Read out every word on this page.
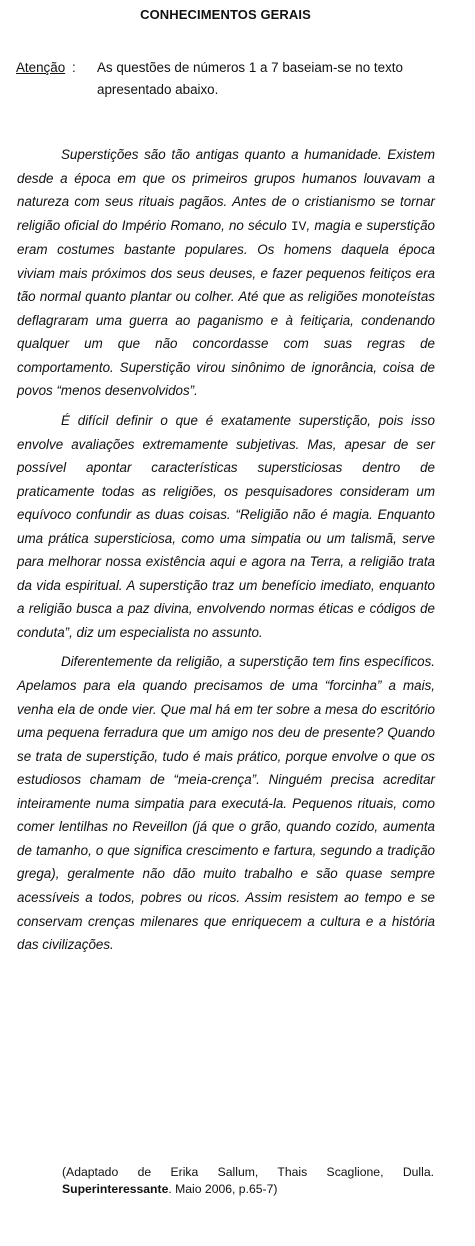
CONHECIMENTOS GERAIS
Atenção : As questões de números 1 a 7 baseiam-se no texto apresentado abaixo.

Superstições são tão antigas quanto a humanidade. Existem desde a época em que os primeiros grupos humanos louvavam a natureza com seus rituais pagãos. Antes de o cristianismo se tornar religião oficial do Império Romano, no século IV, magia e superstição eram costumes bastante populares. Os homens daquela época viviam mais próximos dos seus deuses, e fazer pequenos feitiços era tão normal quanto plantar ou colher. Até que as religiões monoteístas deflagraram uma guerra ao paganismo e à feitiçaria, condenando qualquer um que não concordasse com suas regras de comportamento. Superstição virou sinônimo de ignorância, coisa de povos “menos desenvolvidos”.

É difícil definir o que é exatamente superstição, pois isso envolve avaliações extremamente subjetivas. Mas, apesar de ser possível apontar características supersticiosas dentro de praticamente todas as religiões, os pesquisadores consideram um equívoco confundir as duas coisas. “Religião não é magia. Enquanto uma prática supersticiosa, como uma simpatia ou um talismã, serve para melhorar nossa existência aqui e agora na Terra, a religião trata da vida espiritual. A superstição traz um benefício imediato, enquanto a religião busca a paz divina, envolvendo normas éticas e códigos de conduta”, diz um especialista no assunto.

Diferentemente da religião, a superstição tem fins específicos. Apelamos para ela quando precisamos de uma “forcinha” a mais, venha ela de onde vier. Que mal há em ter sobre a mesa do escritório uma pequena ferradura que um amigo nos deu de presente? Quando se trata de superstição, tudo é mais prático, porque envolve o que os estudiosos chamam de “meia-crença”. Ninguém precisa acreditar inteiramente numa simpatia para executá-la. Pequenos rituais, como comer lentilhas no Reveillon (já que o grão, quando cozido, aumenta de tamanho, o que significa crescimento e fartura, segundo a tradição grega), geralmente não dão muito trabalho e são quase sempre acessíveis a todos, pobres ou ricos. Assim resistem ao tempo e se conservam crenças milenares que enriquecem a cultura e a história das civilizações.

(Adaptado de Erika Sallum, Thais Scaglione, Dulla. Superinteressante. Maio 2006, p.65-7)
